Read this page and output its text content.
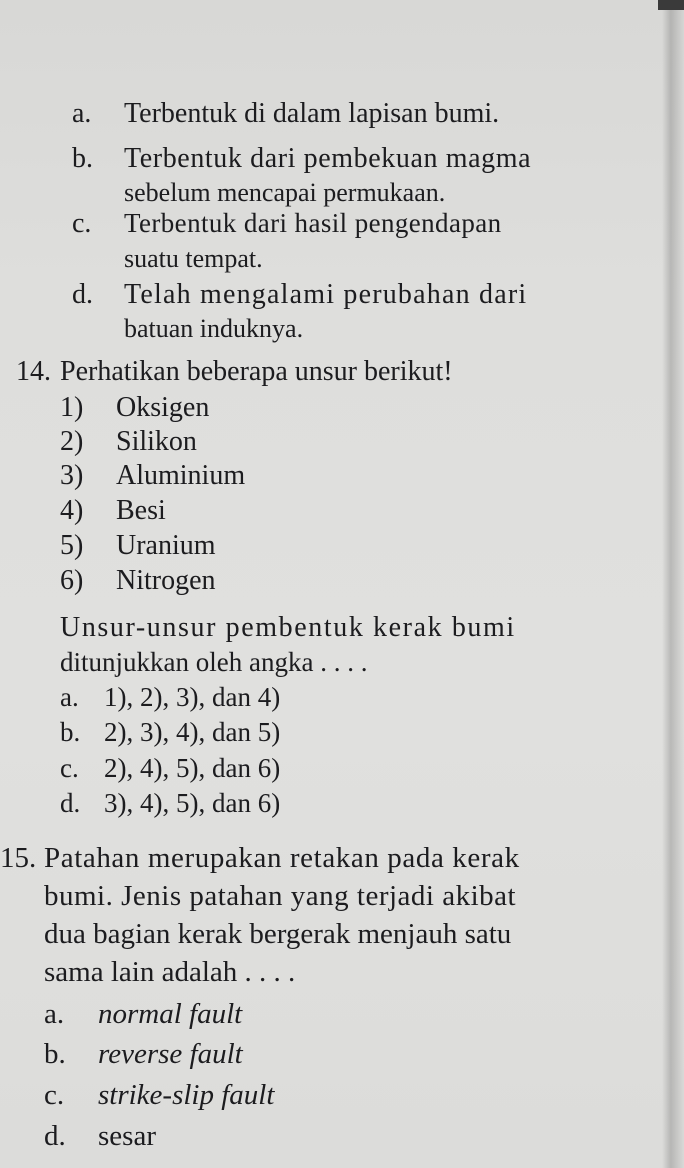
a. Terbentuk di dalam lapisan bumi.
b. Terbentuk dari pembekuan magma
sebelum mencapai permukaan.
c. Terbentuk dari hasil pengendapan
suatu tempat.
d. Telah mengalami perubahan dari
batuan induknya.
14. Perhatikan beberapa unsur berikut!
1) Oksigen
2) Silikon
3) Aluminium
4) Besi
5) Uranium
6) Nitrogen
Unsur-unsur pembentuk kerak bumi
ditunjukkan oleh angka . . . .
a. 1), 2), 3), dan 4)
b. 2), 3), 4), dan 5)
c. 2), 4), 5), dan 6)
d. 3), 4), 5), dan 6)
15. Patahan merupakan retakan pada kerak
bumi. Jenis patahan yang terjadi akibat
dua bagian kerak bergerak menjauh satu
sama lain adalah . . . .
a. normal fault
b. reverse fault
c. strike-slip fault
d. sesar
